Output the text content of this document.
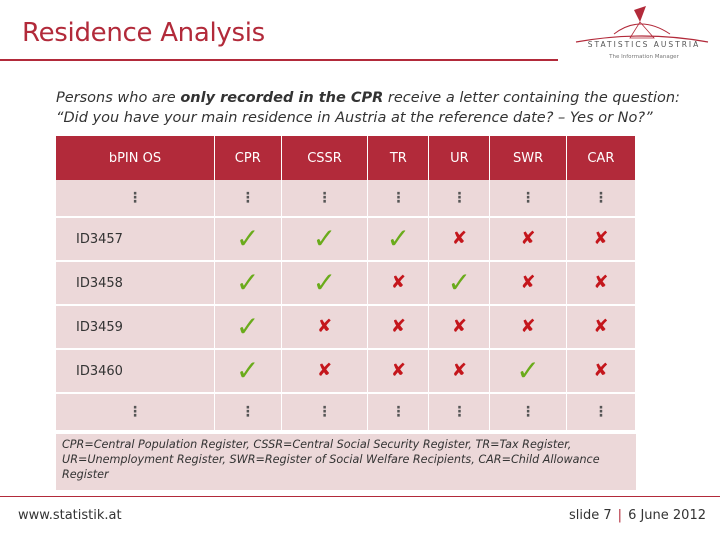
Residence Analysis	STATISTICS AUSTRIA
The Information Manager
Persons who are only recorded in the CPR receive a letter containing the question:
“Did you have your main residence in Austria at the reference date? – Yes or No?”
bPIN OS	CPR	CSSR	TR	UR	SWR	CAR
⋮	⋮	⋮	⋮	⋮	⋮	⋮
ID3457	✓	✓	✓	✘	✘	✘
ID3458	✓	✓	✘	✓	✘	✘
ID3459	✓	✘	✘	✘	✘	✘
ID3460	✓	✘	✘	✘	✓	✘
⋮	⋮	⋮	⋮	⋮	⋮	⋮
CPR=Central Population Register, CSSR=Central Social Security Register, TR=Tax Register, UR=Unemployment Register, SWR=Register of Social Welfare Recipients, CAR=Child Allowance Register
www.statistik.at	slide 7 | 6 June 2012
